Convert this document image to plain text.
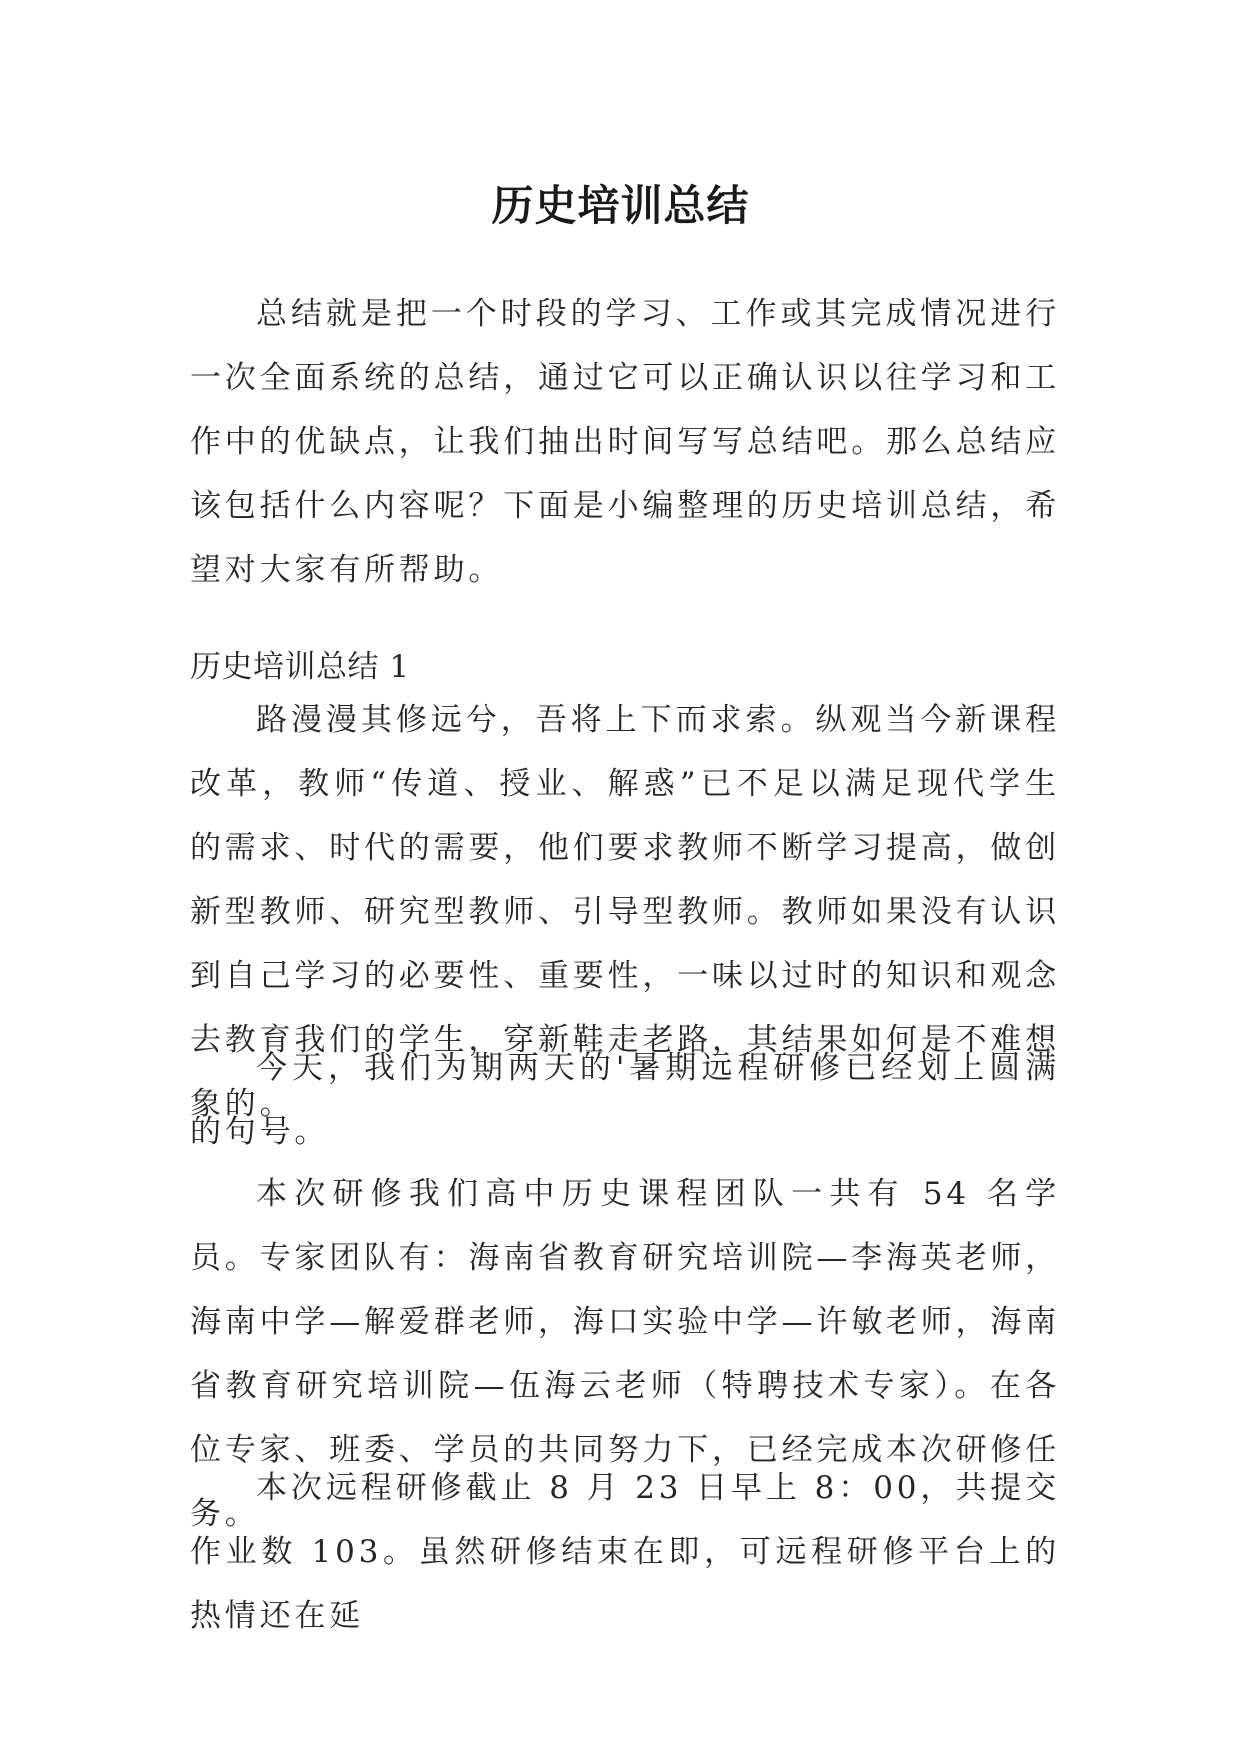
历史培训总结

总结就是把一个时段的学习、工作或其完成情况进行一次全面系统的总结，通过它可以正确认识以往学习和工作中的优缺点，让我们抽出时间写写总结吧。那么总结应该包括什么内容呢？下面是小编整理的历史培训总结，希望对大家有所帮助。

历史培训总结 1

路漫漫其修远兮，吾将上下而求索。纵观当今新课程改革，教师“传道、授业、解惑”已不足以满足现代学生的需求、时代的需要，他们要求教师不断学习提高，做创新型教师、研究型教师、引导型教师。教师如果没有认识到自己学习的必要性、重要性，一味以过时的知识和观念去教育我们的学生，穿新鞋走老路，其结果如何是不难想象的。

今天，我们为期两天的'暑期远程研修已经划上圆满的句号。

本次研修我们高中历史课程团队一共有 54 名学员。专家团队有：海南省教育研究培训院—李海英老师，海南中学—解爱群老师，海口实验中学—许敏老师，海南省教育研究培训院—伍海云老师（特聘技术专家）。在各位专家、班委、学员的共同努力下，已经完成本次研修任务。

本次远程研修截止 8 月 23 日早上 8：00，共提交作业数 103。虽然研修结束在即，可远程研修平台上的热情还在延
